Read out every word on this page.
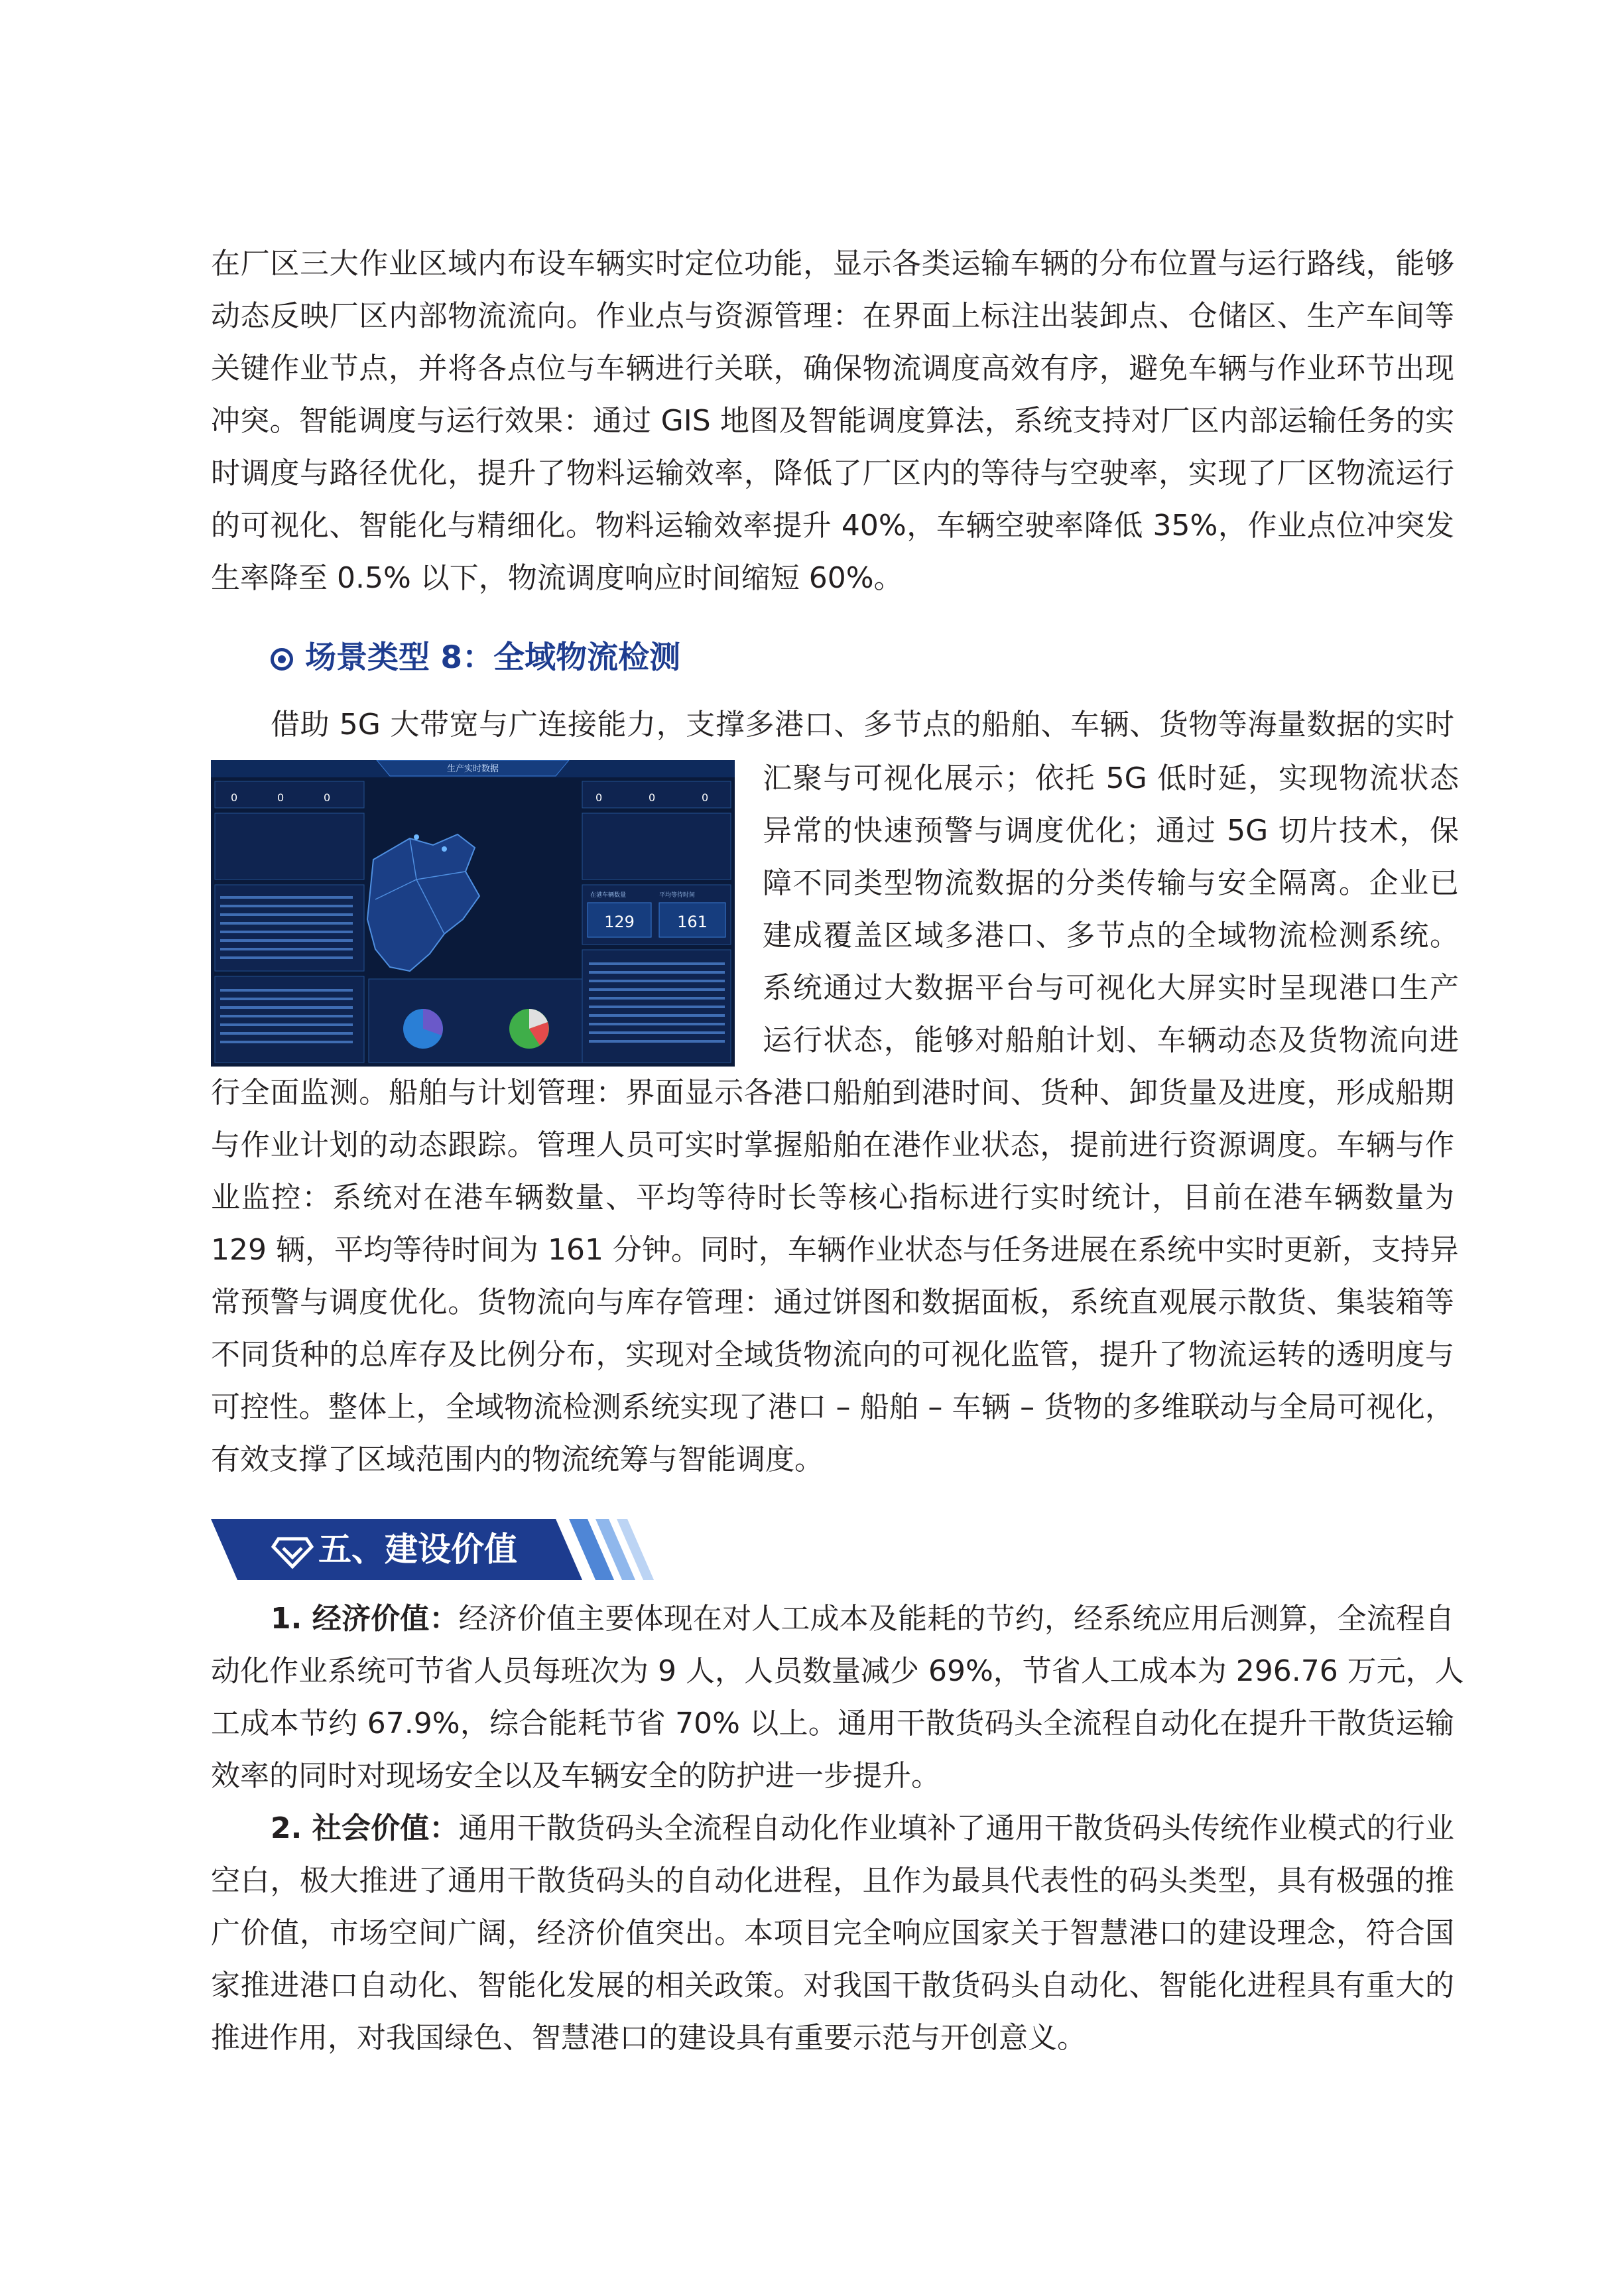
在厂区三大作业区域内布设车辆实时定位功能，显示各类运输车辆的分布位置与运行路线，能够
动态反映厂区内部物流流向。作业点与资源管理：在界面上标注出装卸点、仓储区、生产车间等
关键作业节点，并将各点位与车辆进行关联，确保物流调度高效有序，避免车辆与作业环节出现
冲突。智能调度与运行效果：通过 GIS 地图及智能调度算法，系统支持对厂区内部运输任务的实
时调度与路径优化，提升了物料运输效率，降低了厂区内的等待与空驶率，实现了厂区物流运行
的可视化、智能化与精细化。物料运输效率提升 40%，车辆空驶率降低 35%，作业点位冲突发
生率降至 0.5% 以下，物流调度响应时间缩短 60%。
场景类型 8：全域物流检测
借助 5G 大带宽与广连接能力，支撑多港口、多节点的船舶、车辆、货物等海量数据的实时
生产实时数据
0
0	0	0	0	0
在港车辆数量	平均等待时间
129	161
汇聚与可视化展示；依托 5G 低时延，实现物流状态
异常的快速预警与调度优化；通过 5G 切片技术，保
障不同类型物流数据的分类传输与安全隔离。企业已
建成覆盖区域多港口、多节点的全域物流检测系统。
系统通过大数据平台与可视化大屏实时呈现港口生产
运行状态，能够对船舶计划、车辆动态及货物流向进
行全面监测。船舶与计划管理：界面显示各港口船舶到港时间、货种、卸货量及进度，形成船期
与作业计划的动态跟踪。管理人员可实时掌握船舶在港作业状态，提前进行资源调度。车辆与作
业监控：系统对在港车辆数量、平均等待时长等核心指标进行实时统计，目前在港车辆数量为
129 辆，平均等待时间为 161 分钟。同时，车辆作业状态与任务进展在系统中实时更新，支持异
常预警与调度优化。货物流向与库存管理：通过饼图和数据面板，系统直观展示散货、集装箱等
不同货种的总库存及比例分布，实现对全域货物流向的可视化监管，提升了物流运转的透明度与
可控性。整体上，全域物流检测系统实现了港口 – 船舶 – 车辆 – 货物的多维联动与全局可视化，
有效支撑了区域范围内的物流统筹与智能调度。
五、建设价值
1. 经济价值：经济价值主要体现在对人工成本及能耗的节约，经系统应用后测算，全流程自
动化作业系统可节省人员每班次为 9 人，人员数量减少 69%，节省人工成本为 296.76 万元，人
工成本节约 67.9%，综合能耗节省 70% 以上。通用干散货码头全流程自动化在提升干散货运输
效率的同时对现场安全以及车辆安全的防护进一步提升。
2. 社会价值：通用干散货码头全流程自动化作业填补了通用干散货码头传统作业模式的行业
空白，极大推进了通用干散货码头的自动化进程，且作为最具代表性的码头类型，具有极强的推
广价值，市场空间广阔，经济价值突出。本项目完全响应国家关于智慧港口的建设理念，符合国
家推进港口自动化、智能化发展的相关政策。对我国干散货码头自动化、智能化进程具有重大的
推进作用，对我国绿色、智慧港口的建设具有重要示范与开创意义。
